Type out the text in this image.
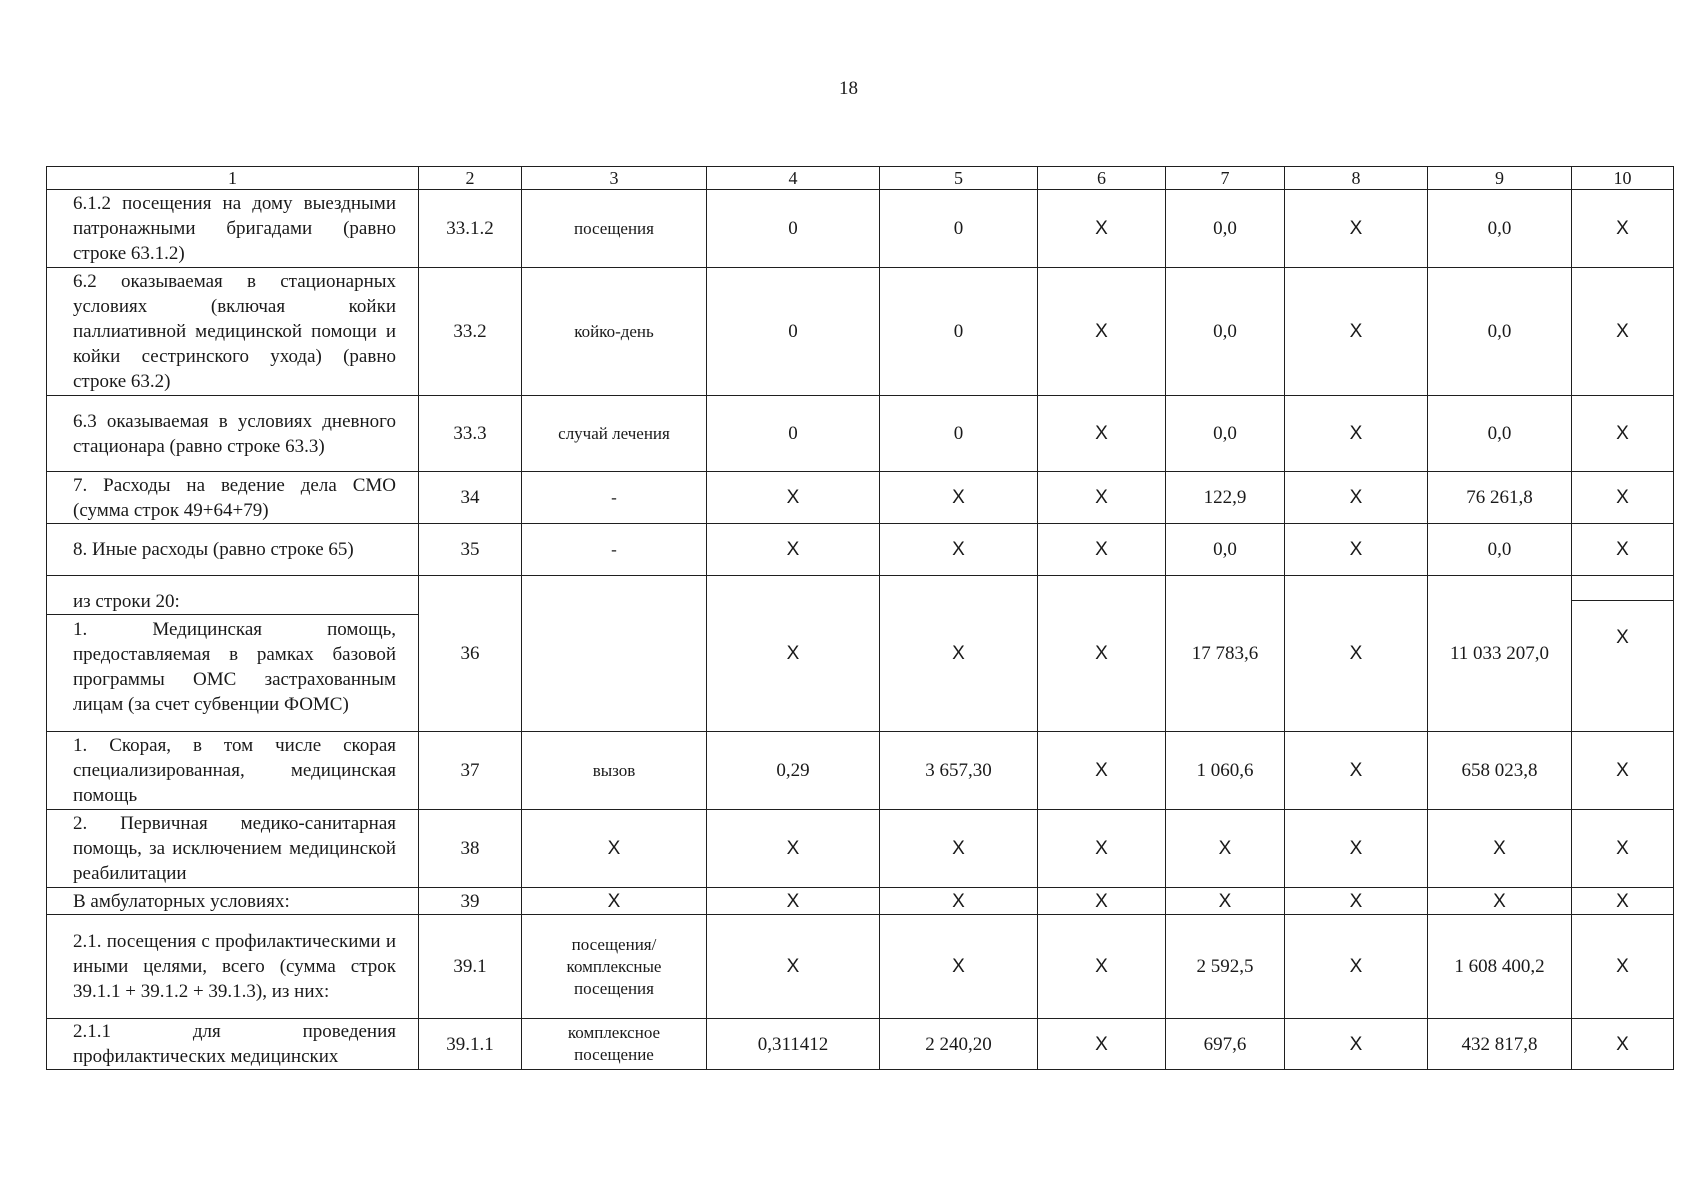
18
1	2	3	4	5	6	7	8	9	10
6.1.2 посещения на дому выездными патронажными бригадами (равно строке 63.1.2)	33.1.2	посещения	0	0	X	0,0	X	0,0	X
6.2 оказываемая в стационарных условиях (включая койки паллиативной медицинской помощи и койки сестринского ухода) (равно строке 63.2)	33.2	койко-день	0	0	X	0,0	X	0,0	X
6.3 оказываемая в условиях дневного стационара (равно строке 63.3)	33.3	случай лечения	0	0	X	0,0	X	0,0	X
7. Расходы на ведение дела СМО (сумма строк 49+64+79)	34	-	X	X	X	122,9	X	76 261,8	X
8. Иные расходы (равно строке 65)	35	-	X	X	X	0,0	X	0,0	X

из строки 20:
1. Медицинская помощь, предоставляемая в рамках базовой программы ОМС застрахованным лицам (за счет субвенции ФОМС)	36		X	X	X	17 783,6	X	11 033 207,0	X

1. Скорая, в том числе скорая специализированная, медицинская помощь	37	вызов	0,29	3 657,30	X	1 060,6	X	658 023,8	X
2. Первичная медико-санитарная помощь, за исключением медицинской реабилитации	38	X	X	X	X	X	X	X	X
В амбулаторных условиях:	39	X	X	X	X	X	X	X	X
2.1. посещения с профилактическими и иными целями, всего (сумма строк 39.1.1 + 39.1.2 + 39.1.3), из них:	39.1	посещения/ комплексные посещения	X	X	X	2 592,5	X	1 608 400,2	X

2.1.1 для проведения профилактических медицинских	39.1.1	комплексное посещение	0,311412	2 240,20	X	697,6	X	432 817,8	X
